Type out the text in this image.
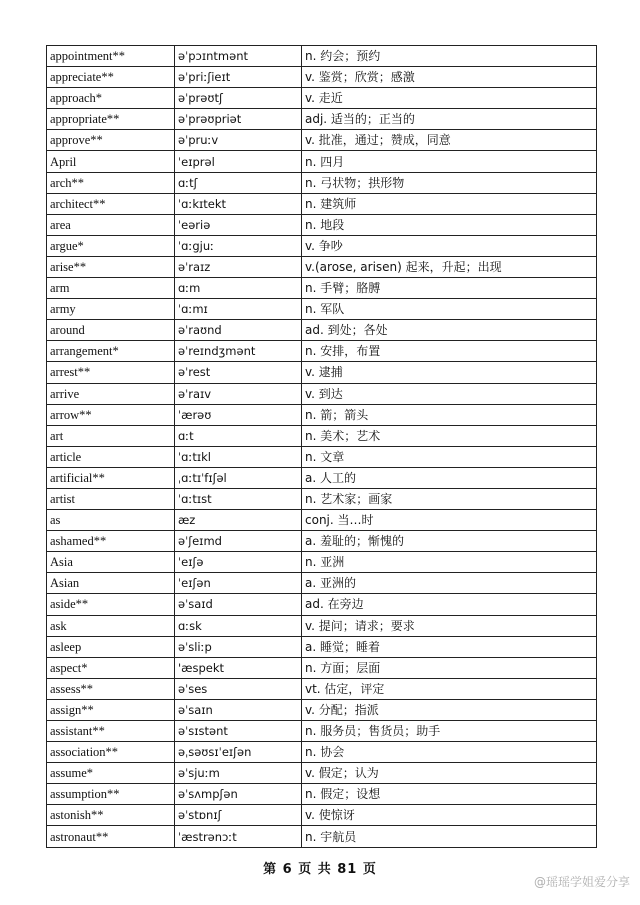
appointment**	əˈpɔɪntmənt	n. 约会；预约
appreciate**	əˈpriːʃieɪt	v. 鉴赏；欣赏；感激
approach*	əˈprəʊtʃ	v. 走近
appropriate**	əˈprəʊpriət	adj. 适当的；正当的
approve**	əˈpruːv	v. 批准，通过；赞成，同意
April	ˈeɪprəl	n. 四月
arch**	ɑːtʃ	n. 弓状物；拱形物
architect**	ˈɑːkɪtekt	n. 建筑师
area	ˈeəriə	n. 地段
argue*	ˈɑːgjuː	v. 争吵
arise**	əˈraɪz	v.(arose, arisen) 起来，升起；出现
arm	ɑːm	n. 手臂；胳膊
army	ˈɑːmɪ	n. 军队
around	əˈraʊnd	ad. 到处；各处
arrangement*	əˈreɪndʒmənt	n. 安排，布置
arrest**	əˈrest	v. 逮捕
arrive	əˈraɪv	v. 到达
arrow**	ˈærəʊ	n. 箭；箭头
art	ɑːt	n. 美术；艺术
article	ˈɑːtɪkl	n. 文章
artificial**	ˌɑːtɪˈfɪʃəl	a. 人工的
artist	ˈɑːtɪst	n. 艺术家；画家
as	æz	conj. 当…时
ashamed**	əˈʃeɪmd	a. 羞耻的；惭愧的
Asia	ˈeɪʃə	n. 亚洲
Asian	ˈeɪʃən	a. 亚洲的
aside**	əˈsaɪd	ad. 在旁边
ask	ɑːsk	v. 提问；请求；要求
asleep	əˈsliːp	a. 睡觉；睡着
aspect*	'æspekt	n. 方面；层面
assess**	əˈses	vt. 估定，评定
assign**	əˈsaɪn	v. 分配；指派
assistant**	əˈsɪstənt	n. 服务员；售货员；助手
association**	əˌsəʊsɪˈeɪʃən	n. 协会
assume*	əˈsjuːm	v. 假定；认为
assumption**	əˈsʌmpʃən	n. 假定；设想
astonish**	əˈstɒnɪʃ	v. 使惊讶
astronaut**	ˈæstrənɔːt	n. 宇航员
第 6 页 共 81 页
@瑶瑶学姐爱分享
